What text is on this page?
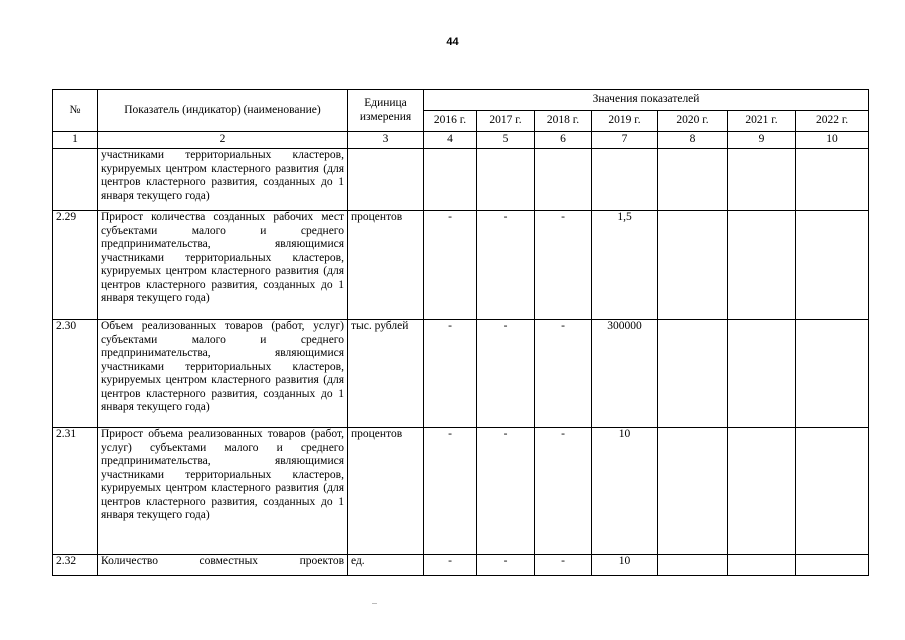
44
№	Показатель (индикатор) (наименование)	Единица измерения	Значения показателей						
			2016 г.	2017 г.	2018 г.	2019 г.	2020 г.	2021 г.	2022 г.
1	2	3	4	5	6	7	8	9	10
	участниками территориальных кластеров, курируемых центром кластерного развития (для центров кластерного развития, созданных до 1 января текущего года)								
2.29	Прирост количества созданных рабочих мест субъектами малого и среднего предпринимательства, являющимися участниками территориальных кластеров, курируемых центром кластерного развития (для центров кластерного развития, созданных до 1 января текущего года)	процентов	-	-	-	1,5			
2.30	Объем реализованных товаров (работ, услуг) субъектами малого и среднего предпринимательства, являющимися участниками территориальных кластеров, курируемых центром кластерного развития (для центров кластерного развития, созданных до 1 января текущего года)	тыс. рублей	-	-	-	300000			
2.31	Прирост объема реализованных товаров (работ, услуг) субъектами малого и среднего предпринимательства, являющимися участниками территориальных кластеров, курируемых центром кластерного развития (для центров кластерного развития, созданных до 1 января текущего года)	процентов	-	-	-	10			
2.32	Количество совместных проектов	ед.	-	-	-	10			
